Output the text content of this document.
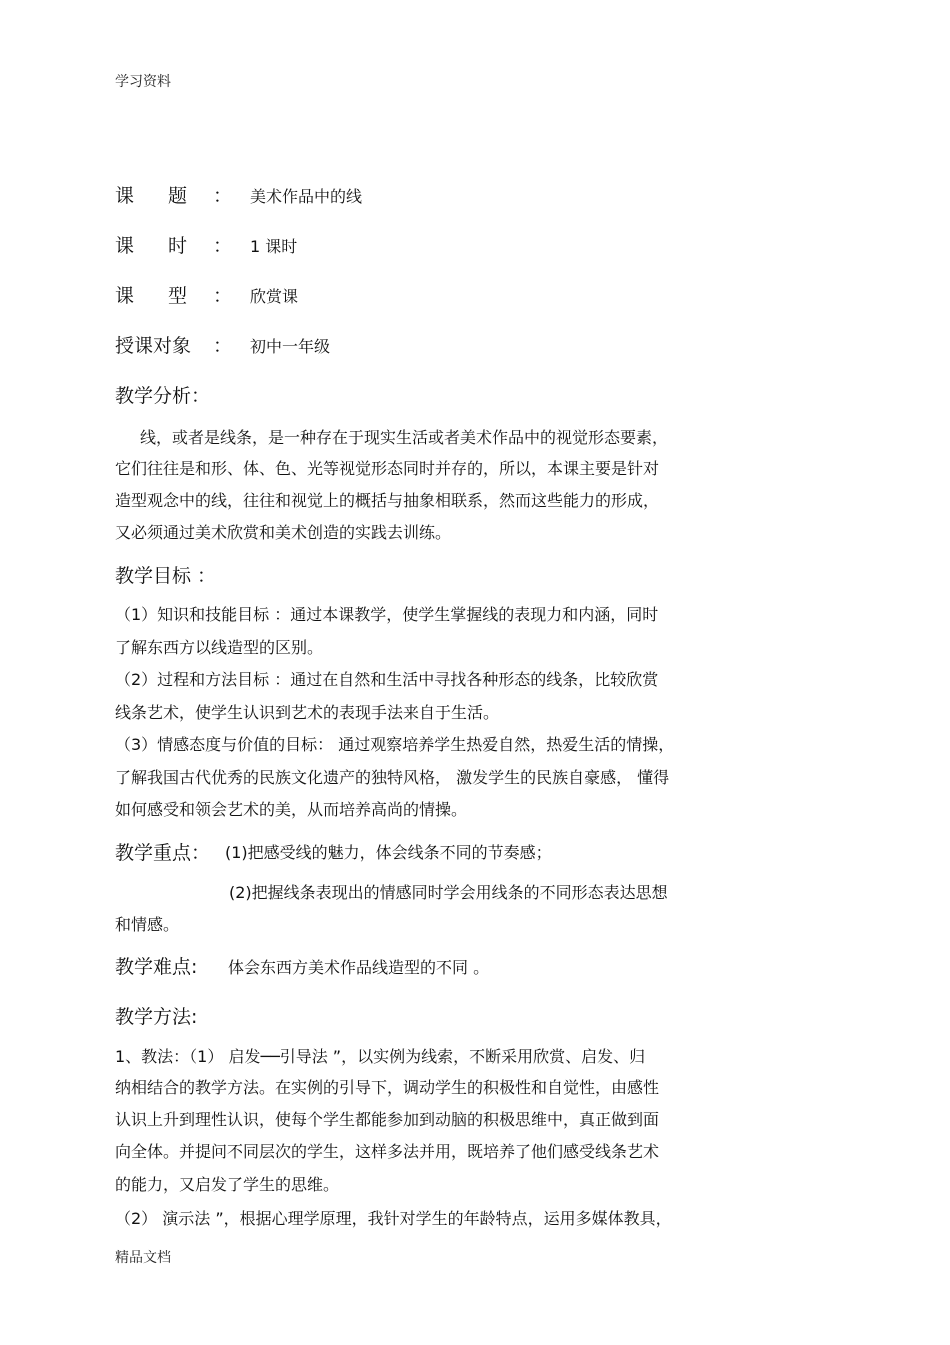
学习资料
课 题 ： 美术作品中的线
课 时 ： 1 课时
课 型 ： 欣赏课
授课对象 ： 初中一年级
教学分析：
线，或者是线条，是一种存在于现实生活或者美术作品中的视觉形态要素，
它们往往是和形、体、色、光等视觉形态同时并存的，所以，本课主要是针对
造型观念中的线，往往和视觉上的概括与抽象相联系，然而这些能力的形成，
又必须通过美术欣赏和美术创造的实践去训练。
教学目标 ：
（1）知识和技能目标 ：通过本课教学，使学生掌握线的表现力和内涵，同时
了解东西方以线造型的区别。
（2）过程和方法目标 ：通过在自然和生活中寻找各种形态的线条，比较欣赏
线条艺术，使学生认识到艺术的表现手法来自于生活。
（3）情感态度与价值的目标： 通过观察培养学生热爱自然，热爱生活的情操，
了解我国古代优秀的民族文化遗产的独特风格， 激发学生的民族自豪感， 懂得
如何感受和领会艺术的美，从而培养高尚的情操。
教学重点： (1)把感受线的魅力，体会线条不同的节奏感；
(2)把握线条表现出的情感同时学会用线条的不同形态表达思想
和情感。
教学难点: 体会东西方美术作品线造型的不同 。
教学方法:
1、教法：（1） 启发──引导法 ”，以实例为线索，不断采用欣赏、启发、归
纳相结合的教学方法。在实例的引导下，调动学生的积极性和自觉性，由感性
认识上升到理性认识，使每个学生都能参加到动脑的积极思维中，真正做到面
向全体。并提问不同层次的学生，这样多法并用，既培养了他们感受线条艺术
的能力，又启发了学生的思维。
（2） 演示法 ”，根据心理学原理，我针对学生的年龄特点，运用多媒体教具，
精品文档
